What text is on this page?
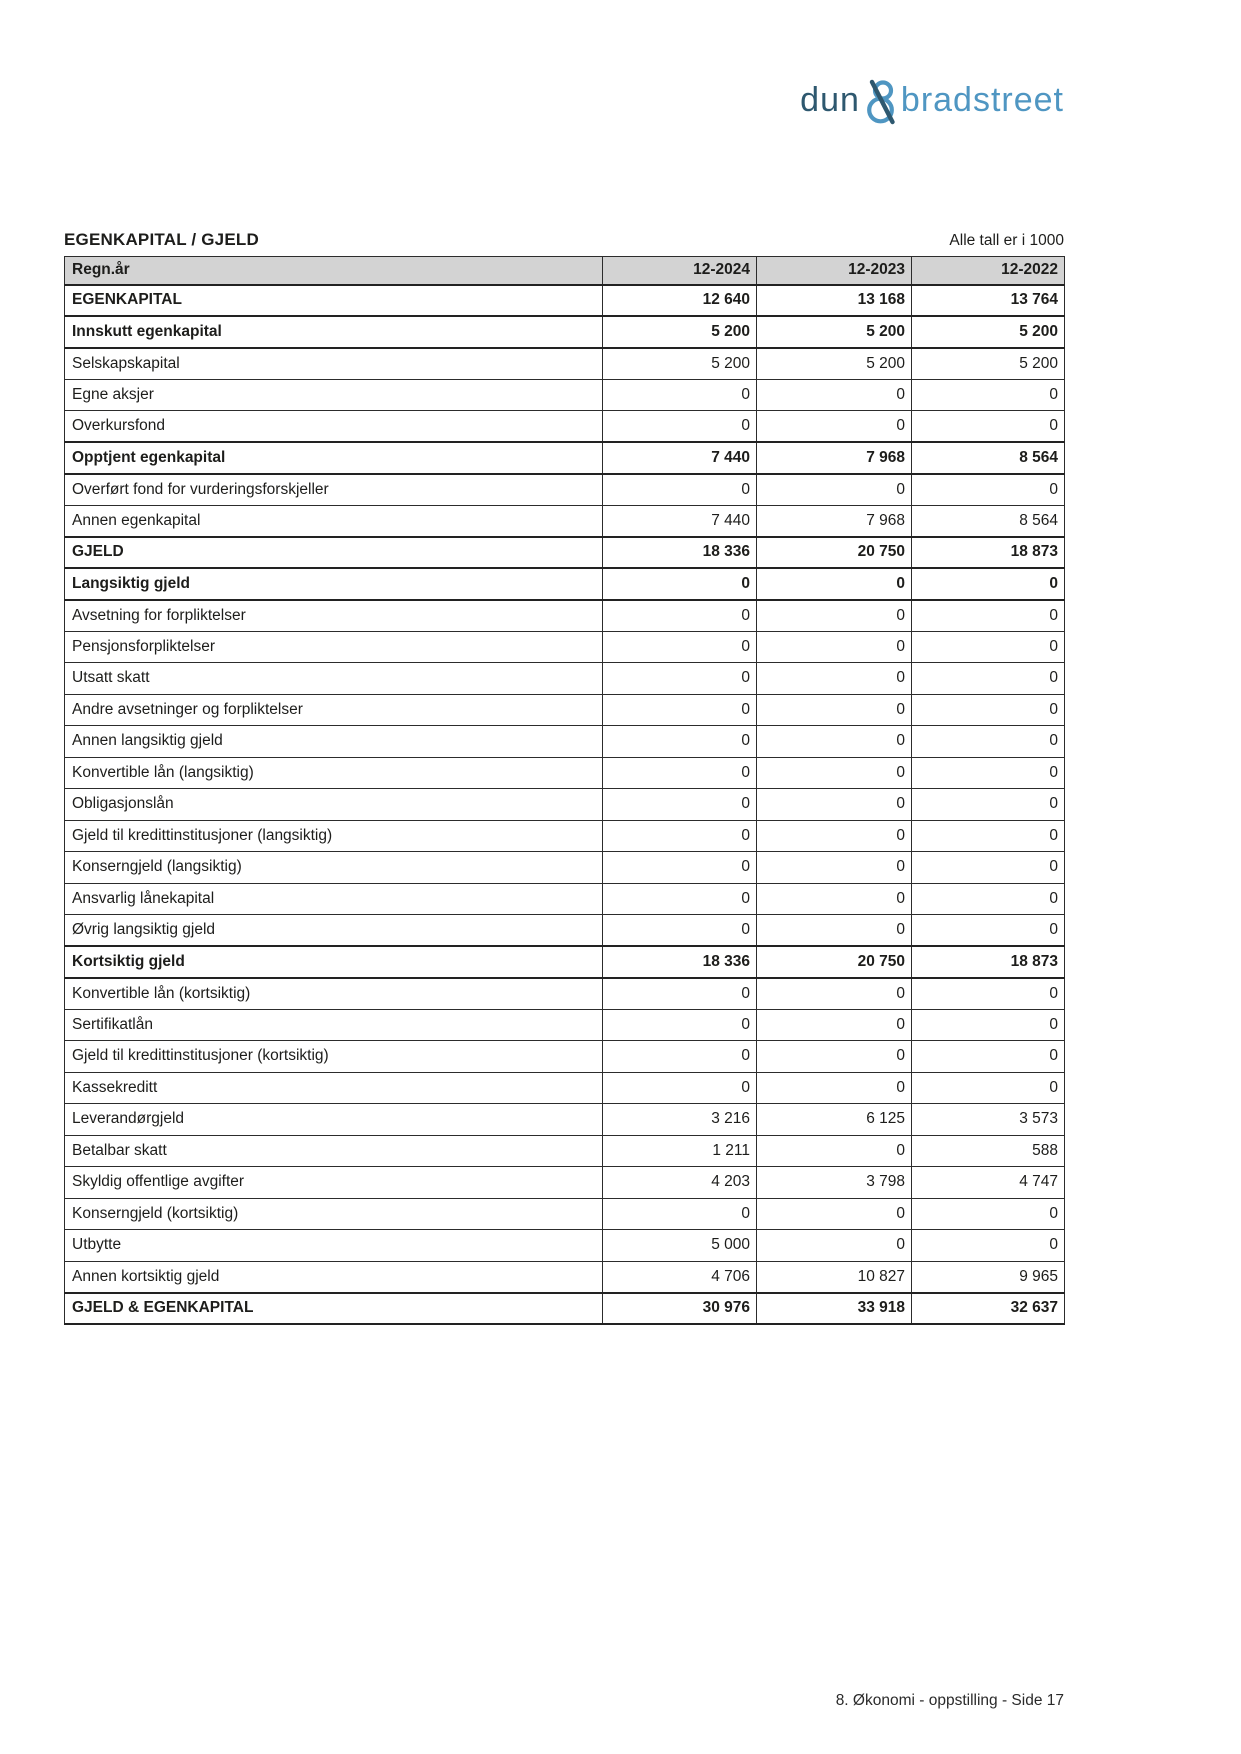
dun bradstreet
EGENKAPITAL / GJELD	Alle tall er i 1000
Regn.år	12-2024	12-2023	12-2022
EGENKAPITAL	12 640	13 168	13 764
Innskutt egenkapital	5 200	5 200	5 200
Selskapskapital	5 200	5 200	5 200
Egne aksjer	0	0	0
Overkursfond	0	0	0
Opptjent egenkapital	7 440	7 968	8 564
Overført fond for vurderingsforskjeller	0	0	0
Annen egenkapital	7 440	7 968	8 564
GJELD	18 336	20 750	18 873
Langsiktig gjeld	0	0	0
Avsetning for forpliktelser	0	0	0
Pensjonsforpliktelser	0	0	0
Utsatt skatt	0	0	0
Andre avsetninger og forpliktelser	0	0	0
Annen langsiktig gjeld	0	0	0
Konvertible lån (langsiktig)	0	0	0
Obligasjonslån	0	0	0
Gjeld til kredittinstitusjoner (langsiktig)	0	0	0
Konserngjeld (langsiktig)	0	0	0
Ansvarlig lånekapital	0	0	0
Øvrig langsiktig gjeld	0	0	0
Kortsiktig gjeld	18 336	20 750	18 873
Konvertible lån (kortsiktig)	0	0	0
Sertifikatlån	0	0	0
Gjeld til kredittinstitusjoner (kortsiktig)	0	0	0
Kassekreditt	0	0	0
Leverandørgjeld	3 216	6 125	3 573
Betalbar skatt	1 211	0	588
Skyldig offentlige avgifter	4 203	3 798	4 747
Konserngjeld (kortsiktig)	0	0	0
Utbytte	5 000	0	0
Annen kortsiktig gjeld	4 706	10 827	9 965
GJELD & EGENKAPITAL	30 976	33 918	32 637
8. Økonomi - oppstilling - Side 17
